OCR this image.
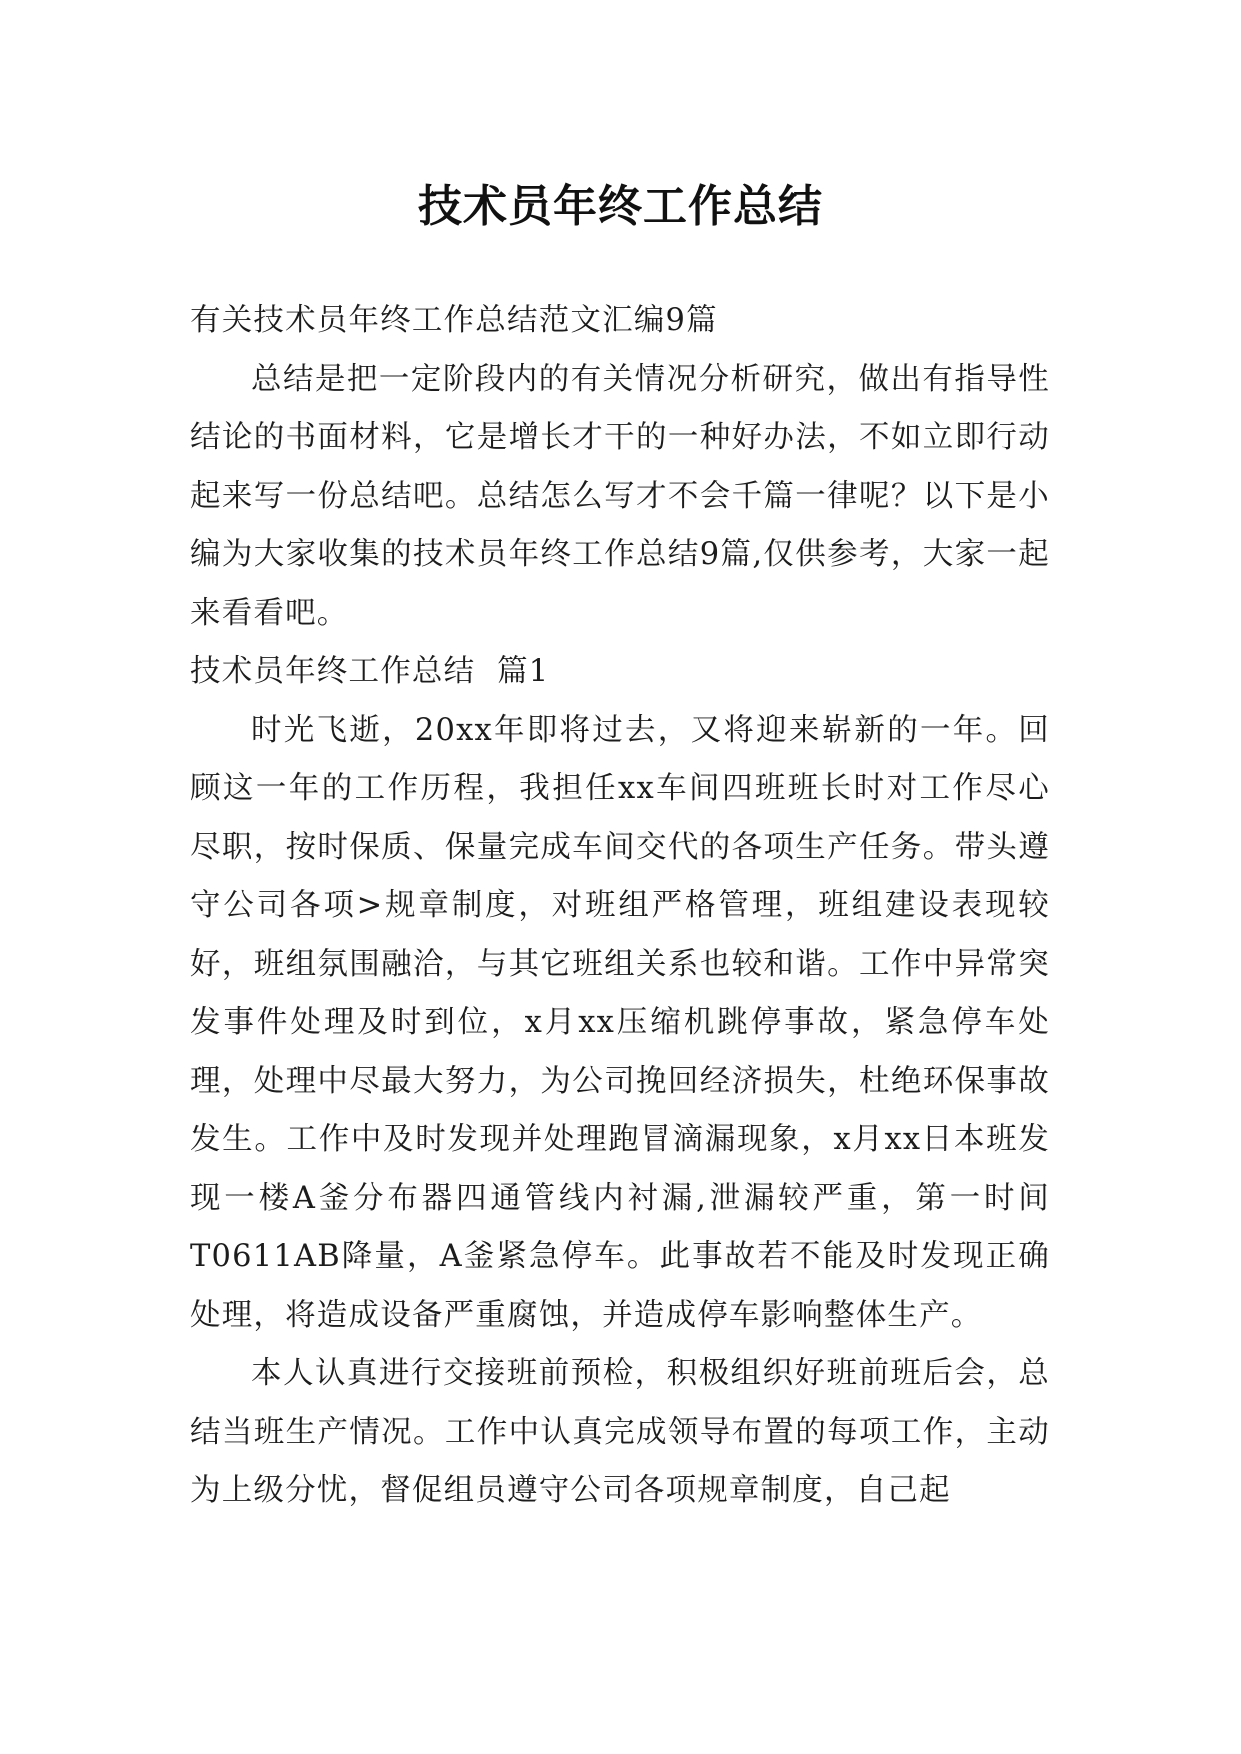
技术员年终工作总结

有关技术员年终工作总结范文汇编9篇

总结是把一定阶段内的有关情况分析研究，做出有指导性结论的书面材料，它是增长才干的一种好办法，不如立即行动起来写一份总结吧。总结怎么写才不会千篇一律呢？以下是小编为大家收集的技术员年终工作总结9篇,仅供参考，大家一起来看看吧。

技术员年终工作总结  篇1

时光飞逝，20xx年即将过去，又将迎来崭新的一年。回顾这一年的工作历程，我担任xx车间四班班长时对工作尽心尽职，按时保质、保量完成车间交代的各项生产任务。带头遵守公司各项>规章制度，对班组严格管理，班组建设表现较好，班组氛围融洽，与其它班组关系也较和谐。工作中异常突发事件处理及时到位，x月xx压缩机跳停事故，紧急停车处理，处理中尽最大努力，为公司挽回经济损失，杜绝环保事故发生。工作中及时发现并处理跑冒滴漏现象，x月xx日本班发现一楼A釜分布器四通管线内衬漏,泄漏较严重，第一时间T0611AB降量，A釜紧急停车。此事故若不能及时发现正确处理，将造成设备严重腐蚀，并造成停车影响整体生产。

本人认真进行交接班前预检，积极组织好班前班后会，总结当班生产情况。工作中认真完成领导布置的每项工作，主动为上级分忧，督促组员遵守公司各项规章制度，自己起
